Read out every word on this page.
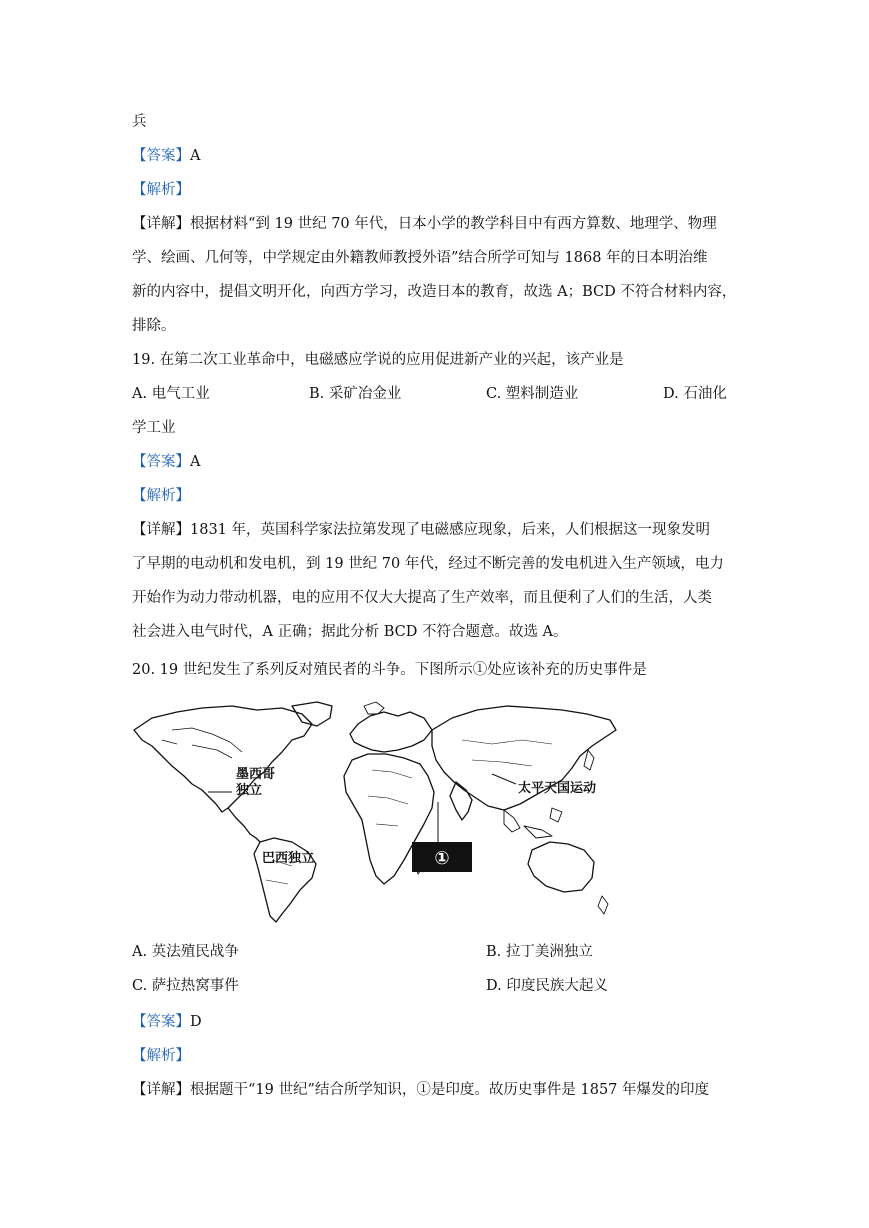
兵
【答案】A
【解析】
【详解】根据材料“到 19 世纪 70 年代，日本小学的教学科目中有西方算数、地理学、物理
学、绘画、几何等，中学规定由外籍教师教授外语”结合所学可知与 1868 年的日本明治维
新的内容中，提倡文明开化，向西方学习，改造日本的教育，故选 A；BCD 不符合材料内容，
排除。
19. 在第二次工业革命中，电磁感应学说的应用促进新产业的兴起，该产业是
A. 电气工业	B. 采矿冶金业	C. 塑料制造业	D. 石油化
学工业
【答案】A
【解析】
【详解】1831 年，英国科学家法拉第发现了电磁感应现象，后来，人们根据这一现象发明
了早期的电动机和发电机，到 19 世纪 70 年代，经过不断完善的发电机进入生产领域，电力
开始作为动力带动机器，电的应用不仅大大提高了生产效率，而且便利了人们的生活，人类
社会进入电气时代，A 正确；据此分析 BCD 不符合题意。故选 A。
20. 19 世纪发生了系列反对殖民者的斗争。下图所示①处应该补充的历史事件是
墨西哥
独立
巴西独立
太平天国运动
①
A. 英法殖民战争	B. 拉丁美洲独立
C. 萨拉热窝事件	D. 印度民族大起义
【答案】D
【解析】
【详解】根据题干“19 世纪”结合所学知识，①是印度。故历史事件是 1857 年爆发的印度
